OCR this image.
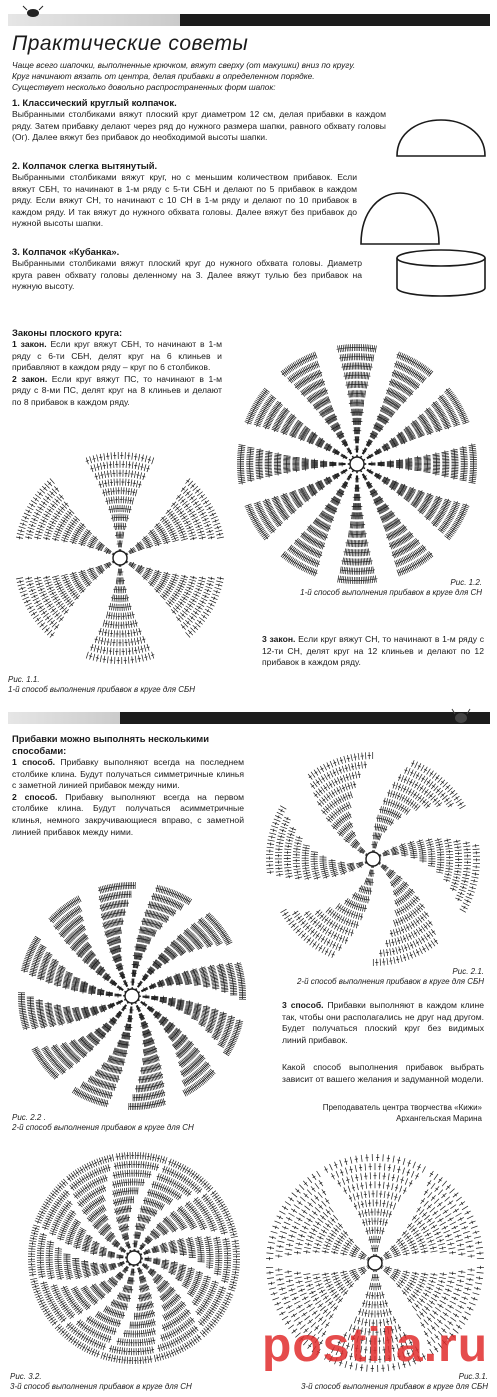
Практические советы
Чаще всего шапочки, выполненные крючком, вяжут сверху (от макушки) вниз по кругу.
Круг начинают вязать от центра, делая прибавки в определенном порядке.
Существует несколько довольно распространенных форм шапок:
1. Классический круглый колпачок.
Выбранными столбиками вяжут плоский круг диаметром 12 см, делая прибавки в каждом ряду. Затем прибавку делают через ряд до нужного размера шапки, равного обхвату головы (Ог). Далее вяжут без прибавок до необходимой высоты шапки.
2. Колпачок слегка вытянутый.
Выбранными столбиками вяжут круг, но с меньшим количеством прибавок. Если вяжут СБН, то начинают в 1-м ряду с 5-ти СБН и делают по 5 прибавок в каждом ряду. Если вяжут СН, то начинают с 10 СН в 1-м ряду и делают по 10 прибавок в каждом ряду. И так вяжут до нужного обхвата головы. Далее вяжут без прибавок до нужной высоты шапки.
3. Колпачок «Кубанка».
Выбранными столбиками вяжут плоский круг до нужного обхвата головы. Диаметр круга равен обхвату головы деленному на 3. Далее вяжут тулью без прибавок на нужную высоту.
Законы плоского круга:
1 закон. Если круг вяжут СБН, то начинают в 1-м ряду с 6-ти СБН, делят круг на 6 клиньев и прибавляют в каждом ряду – круг по 6 столбиков.
2 закон. Если круг вяжут ПС, то начинают в 1-м ряду с 8-ми ПС, делят круг на 8 клиньев и делают по 8 прибавок в каждом ряду.
Рис. 1.2.
1-й способ выполнения прибавок в круге для СН
3 закон. Если круг вяжут СН, то начинают в 1-м ряду с 12-ти СН, делят круг на 12 клиньев и делают по 12 прибавок в каждом ряду.
Рис. 1.1.
1-й способ выполнения прибавок в круге для СБН
Прибавки можно выполнять несколькими способами:
1 способ. Прибавку выполняют всегда на последнем столбике клина. Будут получаться симметричные клинья с заметной линией прибавок между ними.
2 способ. Прибавку выполняют всегда на первом столбике клина. Будут получаться асимметричные клинья, немного закручивающиеся вправо, с заметной линией прибавок между ними.
Рис. 2.1.
2-й способ выполнения прибавок в круге для СБН
3 способ. Прибавки выполняют в каждом клине так, чтобы они располагались не друг над другом. Будет получаться плоский круг без видимых линий прибавок.
Какой способ выполнения прибавок выбрать зависит от вашего желания и задуманной модели.
Преподаватель центра творчества «Кижи»
Архангельская Марина
Рис. 2.2 .
2-й способ выполнения прибавок в круге для СН
postila.ru
Рис. 3.2.
3-й способ выполнения прибавок в круге для СН
Рис.3.1.
3-й способ выполнения прибавок в круге для СБН
